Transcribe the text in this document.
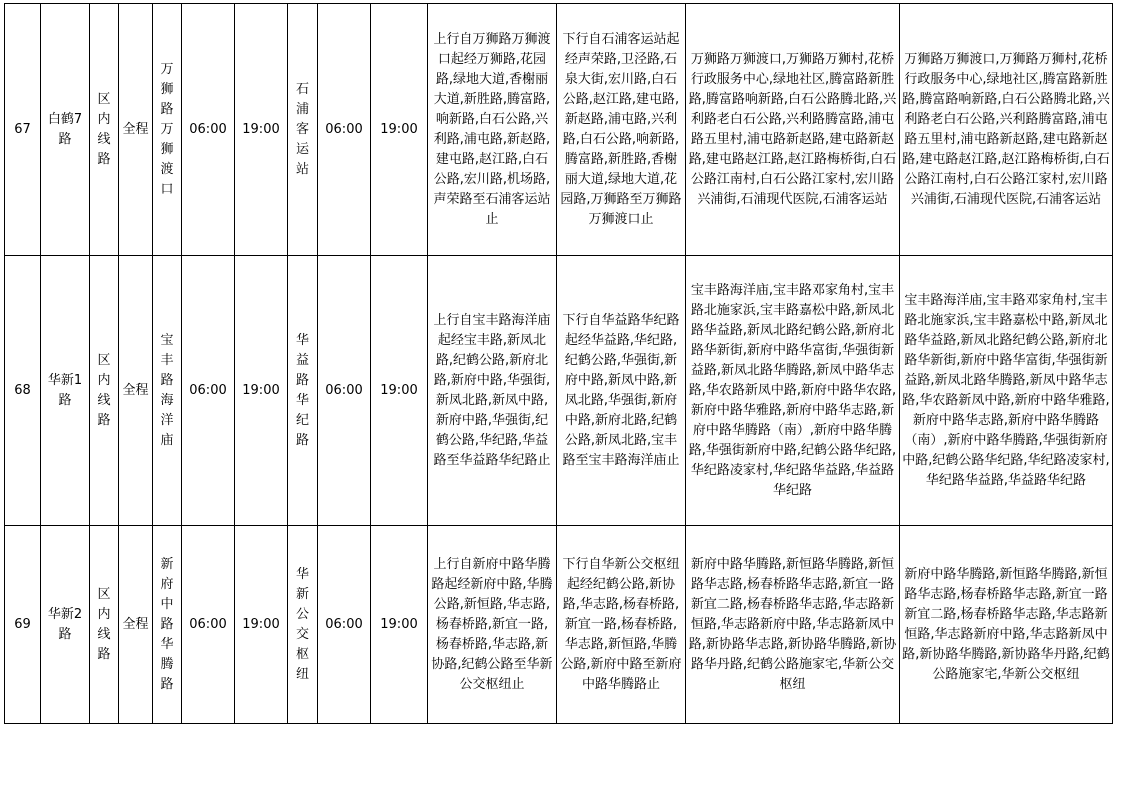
67	白鹤7路	区内线路	全程	万狮路万狮渡口	06:00	19:00	石浦客运站	06:00	19:00	上行自万狮路万狮渡口起经万狮路,花园路,绿地大道,香榭丽大道,新胜路,腾富路,响新路,白石公路,兴利路,浦屯路,新赵路,建屯路,赵江路,白石公路,宏川路,机场路,声荣路至石浦客运站止	下行自石浦客运站起经声荣路,卫泾路,石泉大街,宏川路,白石公路,赵江路,建屯路,新赵路,浦屯路,兴利路,白石公路,响新路,腾富路,新胜路,香榭丽大道,绿地大道,花园路,万狮路至万狮路万狮渡口止	万狮路万狮渡口,万狮路万狮村,花桥行政服务中心,绿地社区,腾富路新胜路,腾富路响新路,白石公路腾北路,兴利路老白石公路,兴利路腾富路,浦屯路五里村,浦屯路新赵路,建屯路新赵路,建屯路赵江路,赵江路梅桥街,白石公路江南村,白石公路江家村,宏川路兴浦街,石浦现代医院,石浦客运站	万狮路万狮渡口,万狮路万狮村,花桥行政服务中心,绿地社区,腾富路新胜路,腾富路响新路,白石公路腾北路,兴利路老白石公路,兴利路腾富路,浦屯路五里村,浦屯路新赵路,建屯路新赵路,建屯路赵江路,赵江路梅桥街,白石公路江南村,白石公路江家村,宏川路兴浦街,石浦现代医院,石浦客运站
68	华新1路	区内线路	全程	宝丰路海洋庙	06:00	19:00	华益路华纪路	06:00	19:00	上行自宝丰路海洋庙起经宝丰路,新凤北路,纪鹤公路,新府北路,新府中路,华强街,新凤北路,新凤中路,新府中路,华强街,纪鹤公路,华纪路,华益路至华益路华纪路止	下行自华益路华纪路起经华益路,华纪路,纪鹤公路,华强街,新府中路,新凤中路,新凤北路,华强街,新府中路,新府北路,纪鹤公路,新凤北路,宝丰路至宝丰路海洋庙止	宝丰路海洋庙,宝丰路邓家角村,宝丰路北施家浜,宝丰路嘉松中路,新凤北路华益路,新凤北路纪鹤公路,新府北路华新街,新府中路华富街,华强街新益路,新凤北路华腾路,新凤中路华志路,华农路新凤中路,新府中路华农路,新府中路华雅路,新府中路华志路,新府中路华腾路（南）,新府中路华腾路,华强街新府中路,纪鹤公路华纪路,华纪路凌家村,华纪路华益路,华益路华纪路	宝丰路海洋庙,宝丰路邓家角村,宝丰路北施家浜,宝丰路嘉松中路,新凤北路华益路,新凤北路纪鹤公路,新府北路华新街,新府中路华富街,华强街新益路,新凤北路华腾路,新凤中路华志路,华农路新凤中路,新府中路华雅路,新府中路华志路,新府中路华腾路（南）,新府中路华腾路,华强街新府中路,纪鹤公路华纪路,华纪路凌家村,华纪路华益路,华益路华纪路
69	华新2路	区内线路	全程	新府中路华腾路	06:00	19:00	华新公交枢纽	06:00	19:00	上行自新府中路华腾路起经新府中路,华腾公路,新恒路,华志路,杨春桥路,新宜一路,杨春桥路,华志路,新协路,纪鹤公路至华新公交枢纽止	下行自华新公交枢纽起经纪鹤公路,新协路,华志路,杨春桥路,新宜一路,杨春桥路,华志路,新恒路,华腾公路,新府中路至新府中路华腾路止	新府中路华腾路,新恒路华腾路,新恒路华志路,杨春桥路华志路,新宜一路新宜二路,杨春桥路华志路,华志路新恒路,华志路新府中路,华志路新凤中路,新协路华志路,新协路华腾路,新协路华丹路,纪鹤公路施家宅,华新公交枢纽	新府中路华腾路,新恒路华腾路,新恒路华志路,杨春桥路华志路,新宜一路新宜二路,杨春桥路华志路,华志路新恒路,华志路新府中路,华志路新凤中路,新协路华腾路,新协路华丹路,纪鹤公路施家宅,华新公交枢纽
